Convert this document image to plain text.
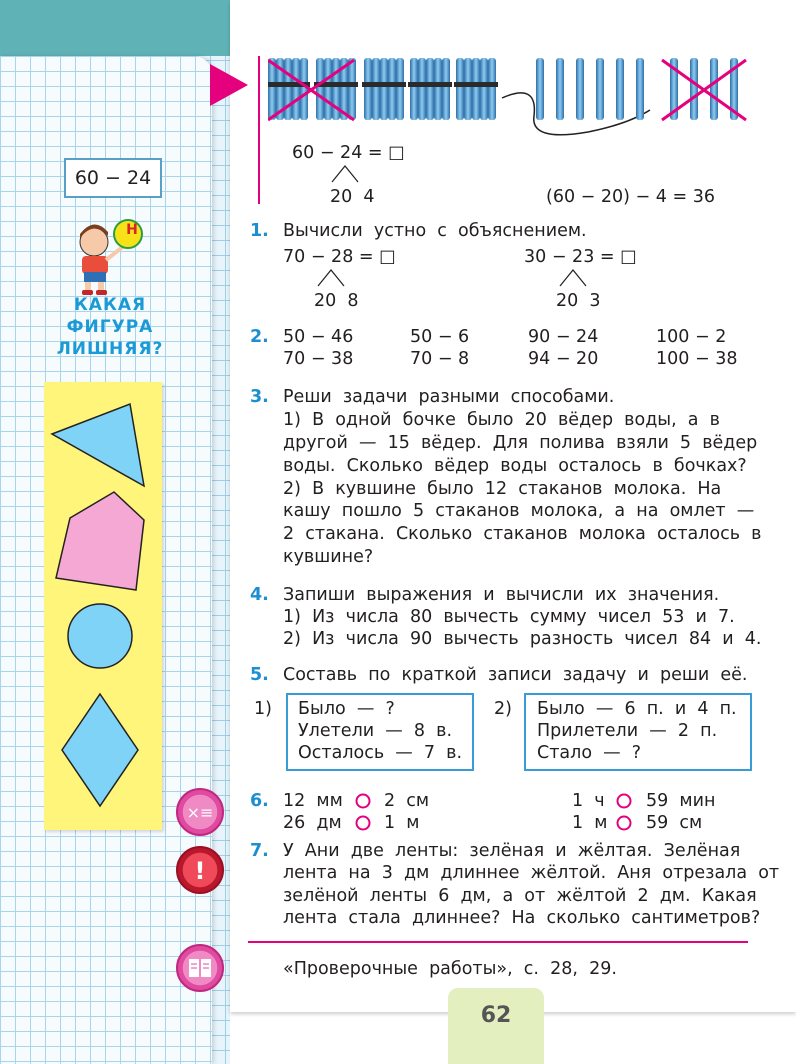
60 − 24
Н
КАКАЯ
ФИГУРА
ЛИШНЯЯ?
×≡
!
60 − 24 = □
20  4	(60 − 20) − 4 = 36
1. Вычисли  устно  с  объяснением.
70 − 28 = □
20  8
30 − 23 = □
20  3
2. 50 − 46
70 − 38
50 − 6
70 − 8
90 − 24
94 − 20
100 − 2
100 − 38
3. Реши  задачи  разными  способами.
1)  В  одной  бочке  было  20  вёдер  воды,  а  в
другой  —  15  вёдер.  Для  полива  взяли  5  вёдер
воды.  Сколько  вёдер  воды  осталось  в  бочках?
2)  В  кувшине  было  12  стаканов  молока.  На
кашу  пошло  5  стаканов  молока,  а  на  омлет  —
2  стакана.  Сколько  стаканов  молока  осталось  в
кувшине?
4. Запиши  выражения  и  вычисли  их  значения.
1)  Из  числа  80  вычесть  сумму  чисел  53  и  7.
2)  Из  числа  90  вычесть  разность  чисел  84  и  4.
5. Составь  по  краткой  записи  задачу  и  реши  её.
1) Было  —  ?
Улетели  —  8  в.
Осталось  —  7  в.
2) Было  —  6  п.  и  4  п.
Прилетели  —  2  п.
Стало  —  ?
6. 12  мм 2  см
26  дм 1  м
1  ч 59  мин
1  м 59  см
7. У  Ани  две  ленты:  зелёная  и  жёлтая.  Зелёная
лента  на  3  дм  длиннее  жёлтой.  Аня  отрезала  от
зелёной  ленты  6  дм,  а  от  жёлтой  2  дм.  Какая
лента  стала  длиннее?  На  сколько  сантиметров?
«Проверочные  работы»,  с.  28,  29.
62
